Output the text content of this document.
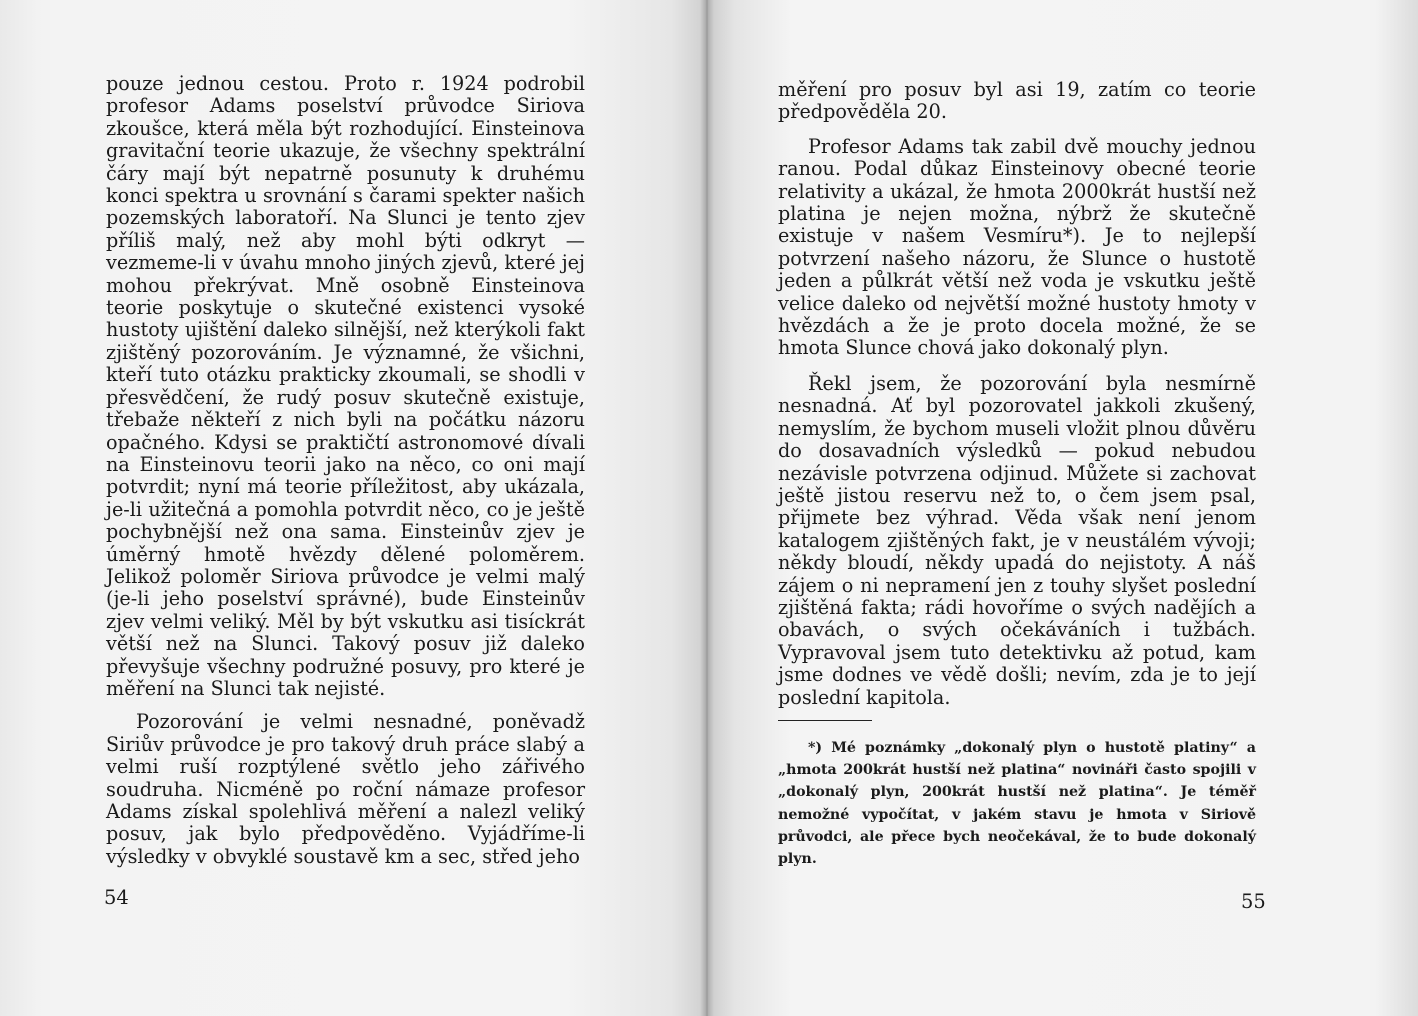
pouze jednou cestou. Proto r. 1924 podrobil profesor Adams poselství průvodce Siriova zkoušce, která měla být rozhodující. Einsteinova gravitační teorie ukazuje, že všechny spektrální čáry mají být nepatrně posunuty k druhému konci spektra u srovnání s čarami spekter našich pozemských laboratoří. Na Slunci je tento zjev příliš malý, než aby mohl býti odkryt — vezmeme-li v úvahu mnoho jiných zjevů, které jej mohou překrývat. Mně osobně Einsteinova teorie poskytuje o skutečné existenci vysoké hustoty ujištění daleko silnější, než kterýkoli fakt zjištěný pozorováním. Je významné, že všichni, kteří tuto otázku prakticky zkoumali, se shodli v přesvědčení, že rudý posuv skutečně existuje, třebaže někteří z nich byli na počátku názoru opačného. Kdysi se praktičtí astronomové dívali na Einsteinovu teorii jako na něco, co oni mají potvrdit; nyní má teorie příležitost, aby ukázala, je-li užitečná a pomohla potvrdit něco, co je ještě pochybnější než ona sama. Einsteinův zjev je úměrný hmotě hvězdy dělené poloměrem. Jelikož poloměr Siriova průvodce je velmi malý (je-li jeho poselství správné), bude Einsteinův zjev velmi veliký. Měl by být vskutku asi tisíckrát větší než na Slunci. Takový posuv již daleko převyšuje všechny podružné posuvy, pro které je měření na Slunci tak nejisté.

Pozorování je velmi nesnadné, poněvadž Siriův průvodce je pro takový druh práce slabý a velmi ruší rozptýlené světlo jeho zářivého soudruha. Nicméně po roční námaze profesor Adams získal spolehlivá měření a nalezl veliký posuv, jak bylo předpověděno. Vyjádříme-li výsledky v obvyklé soustavě km a sec, střed jeho

54

měření pro posuv byl asi 19, zatím co teorie předpověděla 20.

Profesor Adams tak zabil dvě mouchy jednou ranou. Podal důkaz Einsteinovy obecné teorie relativity a ukázal, že hmota 2000krát hustší než platina je nejen možna, nýbrž že skutečně existuje v našem Vesmíru*). Je to nejlepší potvrzení našeho názoru, že Slunce o hustotě jeden a půlkrát větší než voda je vskutku ještě velice daleko od největší možné hustoty hmoty v hvězdách a že je proto docela možné, že se hmota Slunce chová jako dokonalý plyn.

Řekl jsem, že pozorování byla nesmírně nesnadná. Ať byl pozorovatel jakkoli zkušený, nemyslím, že bychom museli vložit plnou důvěru do dosavadních výsledků — pokud nebudou nezávisle potvrzena odjinud. Můžete si zachovat ještě jistou reservu než to, o čem jsem psal, přijmete bez výhrad. Věda však není jenom katalogem zjištěných fakt, je v neustálém vývoji; někdy bloudí, někdy upadá do nejistoty. A náš zájem o ni nepramení jen z touhy slyšet poslední zjištěná fakta; rádi hovoříme o svých nadějích a obavách, o svých očekáváních i tužbách. Vypravoval jsem tuto detektivku až potud, kam jsme dodnes ve vědě došli; nevím, zda je to její poslední kapitola.

*) Mé poznámky „dokonalý plyn o hustotě platiny“ a „hmota 200krát hustší než platina“ novináři často spojili v „dokonalý plyn, 200krát hustší než platina“. Je téměř nemožné vypočítat, v jakém stavu je hmota v Siriově průvodci, ale přece bych neočekával, že to bude dokonalý plyn.

55
